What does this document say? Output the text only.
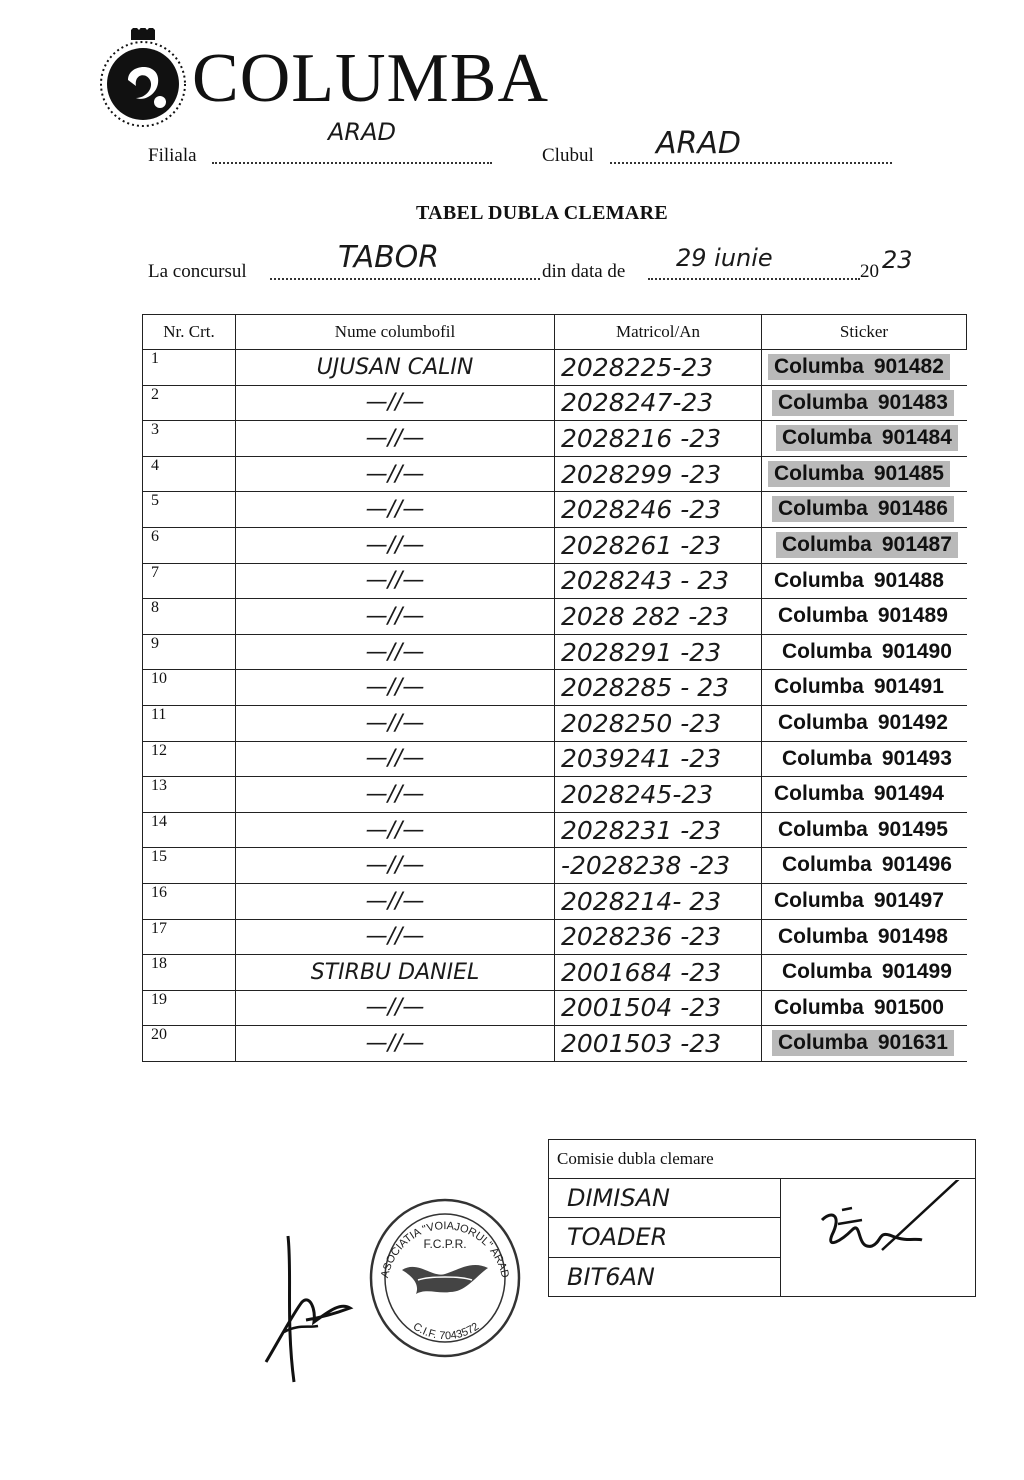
COLUMBA
Filiala
ARAD
Clubul ARAD
TABEL DUBLA CLEMARE
La concursul	TABOR	din data de 29 iunie	20 23
Nr. Crt.	Nume columbofil	Matricol/An	Sticker
1	UJUSAN CALIN	2028225-23	Columba 901482

2	—//—	2028247-23	Columba 901483

3	—//—	2028216 -23	Columba 901484

4	—//—	2028299 -23	Columba 901485

5	—//—	2028246 -23	Columba 901486

6	—//—	2028261 -23	Columba 901487

7	—//—	2028243 - 23	Columba 901488

8	—//—	2028 282 -23	Columba 901489

9	—//—	2028291 -23	Columba 901490

10	—//—	2028285 - 23	Columba 901491

11	—//—	2028250 -23	Columba 901492

12	—//—	2039241 -23	Columba 901493

13	—//—	2028245-23	Columba 901494

14	—//—	2028231 -23	Columba 901495

15	—//—	-2028238 -23	Columba 901496

16	—//—	2028214- 23	Columba 901497

17	—//—	2028236 -23	Columba 901498

18	STIRBU DANIEL	2001684 -23	Columba 901499

19	—//—	2001504 -23	Columba 901500

20	—//—	2001503 -23	Columba 901631
Comisie dubla clemare
DIMISAN	
TOADER
BIT6AN
ASOCIATIA "VOIAJORUL" ARAD
F.C.P.R.
C.I.F. 7043572
